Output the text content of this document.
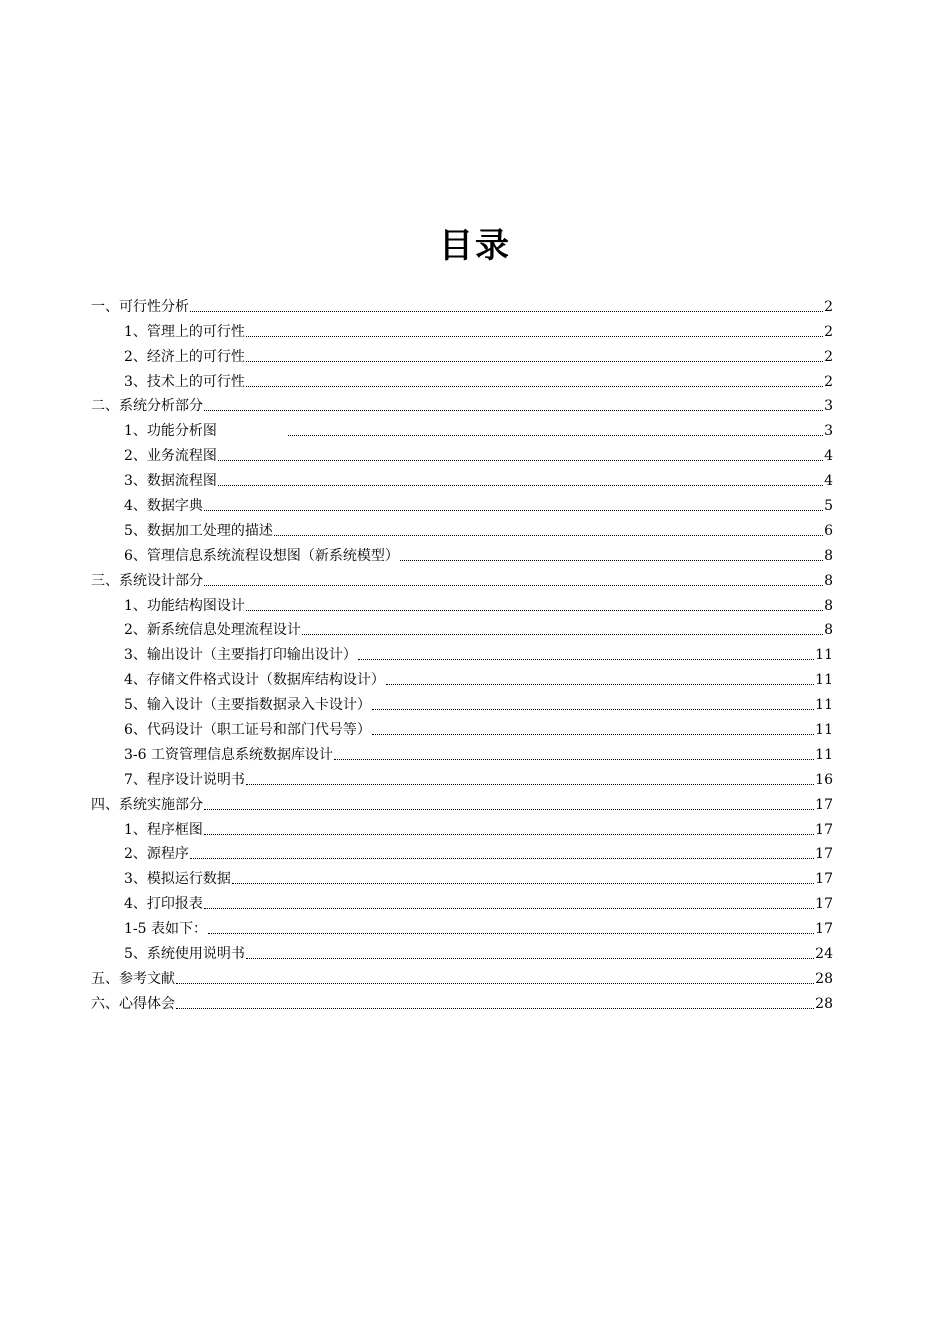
目录
一、可行性分析	2
1、管理上的可行性	2
2、经济上的可行性	2
3、技术上的可行性	2
二、系统分析部分	3
1、功能分析图	3
2、业务流程图	4
3、数据流程图	4
4、数据字典	5
5、数据加工处理的描述	6
6、管理信息系统流程设想图（新系统模型）	8
三、系统设计部分	8
1、功能结构图设计	8
2、新系统信息处理流程设计	8
3、输出设计（主要指打印输出设计）	11
4、存储文件格式设计（数据库结构设计）	11
5、输入设计（主要指数据录入卡设计）	11
6、代码设计（职工证号和部门代号等）	11
3-6 工资管理信息系统数据库设计	11
7、程序设计说明书	16
四、系统实施部分	17
1、程序框图	17
2、源程序	17
3、模拟运行数据	17
4、打印报表	17
1-5 表如下：	17
5、系统使用说明书	24
五、参考文献	28
六、心得体会	28
